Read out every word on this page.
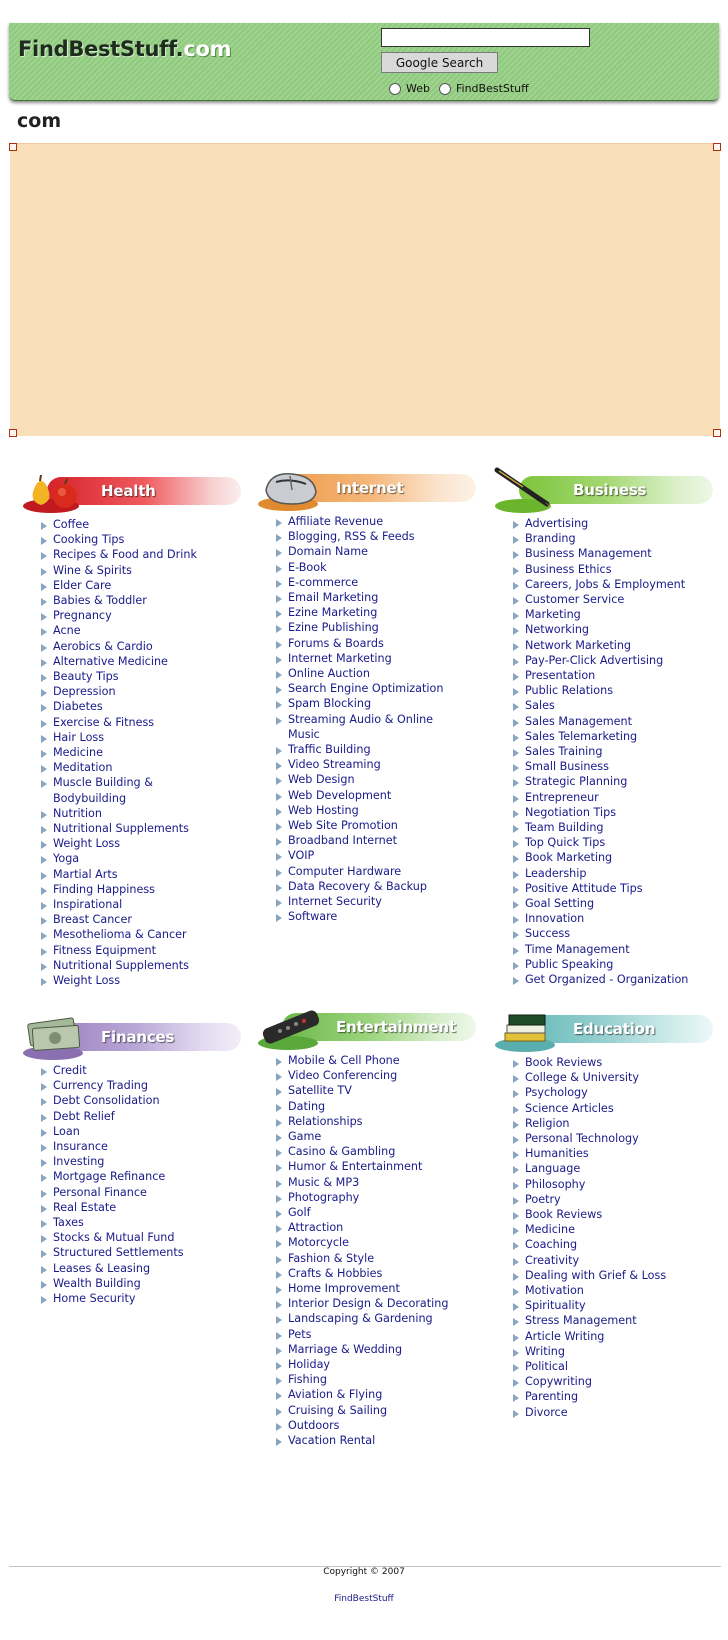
FindBestStuff.com
Google Search
Web FindBestStuff
com
Health
Coffee
Cooking Tips
Recipes & Food and Drink
Wine & Spirits
Elder Care
Babies & Toddler
Pregnancy
Acne
Aerobics & Cardio
Alternative Medicine
Beauty Tips
Depression
Diabetes
Exercise & Fitness
Hair Loss
Medicine
Meditation
Muscle Building & Bodybuilding
Nutrition
Nutritional Supplements
Weight Loss
Yoga
Martial Arts
Finding Happiness
Inspirational
Breast Cancer
Mesothelioma & Cancer
Fitness Equipment
Nutritional Supplements
Weight Loss
Internet
Affiliate Revenue
Blogging, RSS & Feeds
Domain Name
E-Book
E-commerce
Email Marketing
Ezine Marketing
Ezine Publishing
Forums & Boards
Internet Marketing
Online Auction
Search Engine Optimization
Spam Blocking
Streaming Audio & Online Music
Traffic Building
Video Streaming
Web Design
Web Development
Web Hosting
Web Site Promotion
Broadband Internet
VOIP
Computer Hardware
Data Recovery & Backup
Internet Security
Software
Business
Advertising
Branding
Business Management
Business Ethics
Careers, Jobs & Employment
Customer Service
Marketing
Networking
Network Marketing
Pay-Per-Click Advertising
Presentation
Public Relations
Sales
Sales Management
Sales Telemarketing
Sales Training
Small Business
Strategic Planning
Entrepreneur
Negotiation Tips
Team Building
Top Quick Tips
Book Marketing
Leadership
Positive Attitude Tips
Goal Setting
Innovation
Success
Time Management
Public Speaking
Get Organized - Organization
Finances
Credit
Currency Trading
Debt Consolidation
Debt Relief
Loan
Insurance
Investing
Mortgage Refinance
Personal Finance
Real Estate
Taxes
Stocks & Mutual Fund
Structured Settlements
Leases & Leasing
Wealth Building
Home Security
Entertainment
Mobile & Cell Phone
Video Conferencing
Satellite TV
Dating
Relationships
Game
Casino & Gambling
Humor & Entertainment
Music & MP3
Photography
Golf
Attraction
Motorcycle
Fashion & Style
Crafts & Hobbies
Home Improvement
Interior Design & Decorating
Landscaping & Gardening
Pets
Marriage & Wedding
Holiday
Fishing
Aviation & Flying
Cruising & Sailing
Outdoors
Vacation Rental
Education
Book Reviews
College & University
Psychology
Science Articles
Religion
Personal Technology
Humanities
Language
Philosophy
Poetry
Book Reviews
Medicine
Coaching
Creativity
Dealing with Grief & Loss
Motivation
Spirituality
Stress Management
Article Writing
Writing
Political
Copywriting
Parenting
Divorce
Copyright © 2007
FindBestStuff
